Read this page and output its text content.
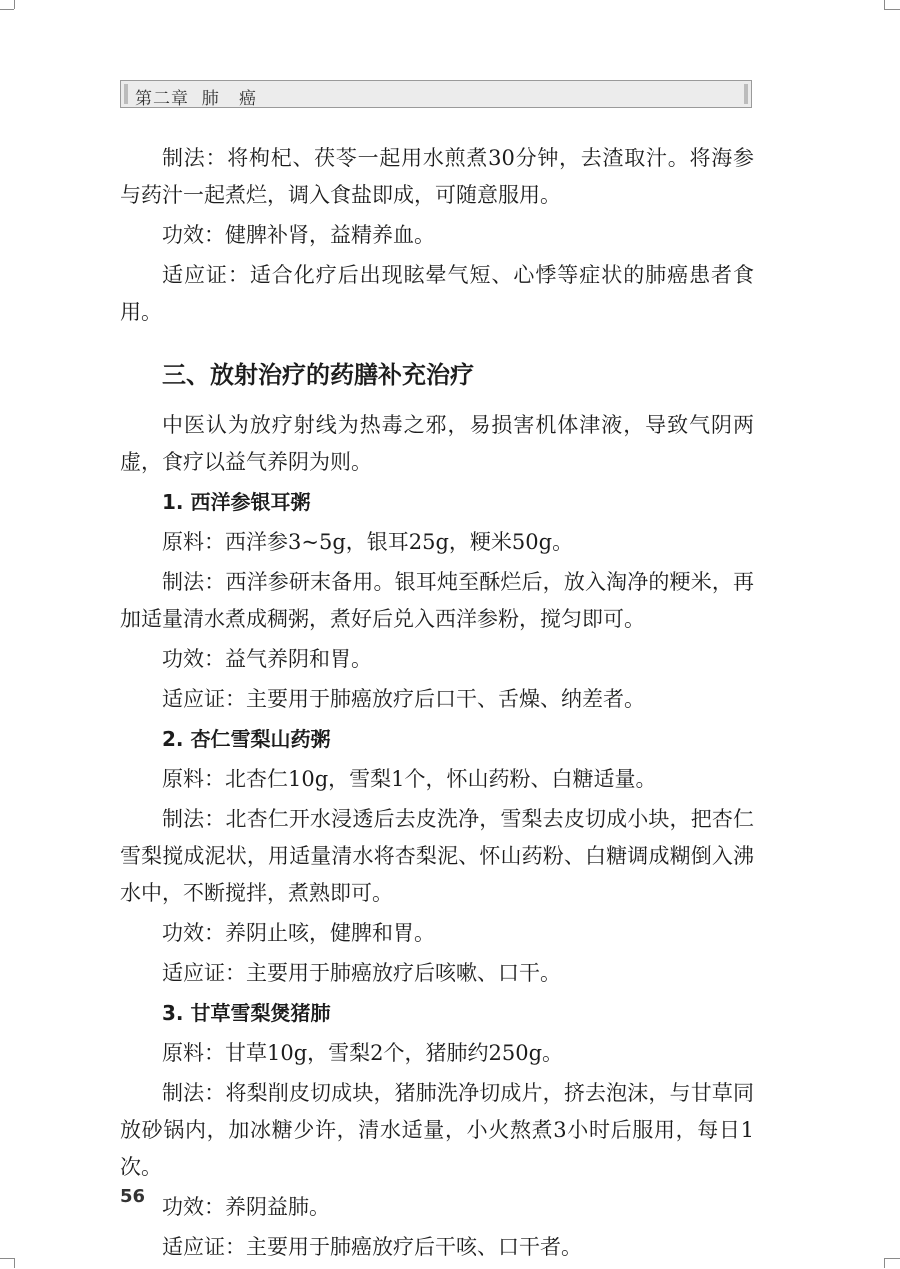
第二章  肺   癌

制法：将枸杞、茯苓一起用水煎煮30分钟，去渣取汁。将海参与药汁一起煮烂，调入食盐即成，可随意服用。

功效：健脾补肾，益精养血。

适应证：适合化疗后出现眩晕气短、心悸等症状的肺癌患者食用。

三、放射治疗的药膳补充治疗

中医认为放疗射线为热毒之邪，易损害机体津液，导致气阴两虚，食疗以益气养阴为则。

1. 西洋参银耳粥

原料：西洋参3~5g，银耳25g，粳米50g。

制法：西洋参研末备用。银耳炖至酥烂后，放入淘净的粳米，再加适量清水煮成稠粥，煮好后兑入西洋参粉，搅匀即可。

功效：益气养阴和胃。

适应证：主要用于肺癌放疗后口干、舌燥、纳差者。

2. 杏仁雪梨山药粥

原料：北杏仁10g，雪梨1个，怀山药粉、白糖适量。

制法：北杏仁开水浸透后去皮洗净，雪梨去皮切成小块，把杏仁雪梨搅成泥状，用适量清水将杏梨泥、怀山药粉、白糖调成糊倒入沸水中，不断搅拌，煮熟即可。

功效：养阴止咳，健脾和胃。

适应证：主要用于肺癌放疗后咳嗽、口干。

3. 甘草雪梨煲猪肺

原料：甘草10g，雪梨2个，猪肺约250g。

制法：将梨削皮切成块，猪肺洗净切成片，挤去泡沫，与甘草同放砂锅内，加冰糖少许，清水适量，小火熬煮3小时后服用，每日1次。

功效：养阴益肺。

适应证：主要用于肺癌放疗后干咳、口干者。

56
